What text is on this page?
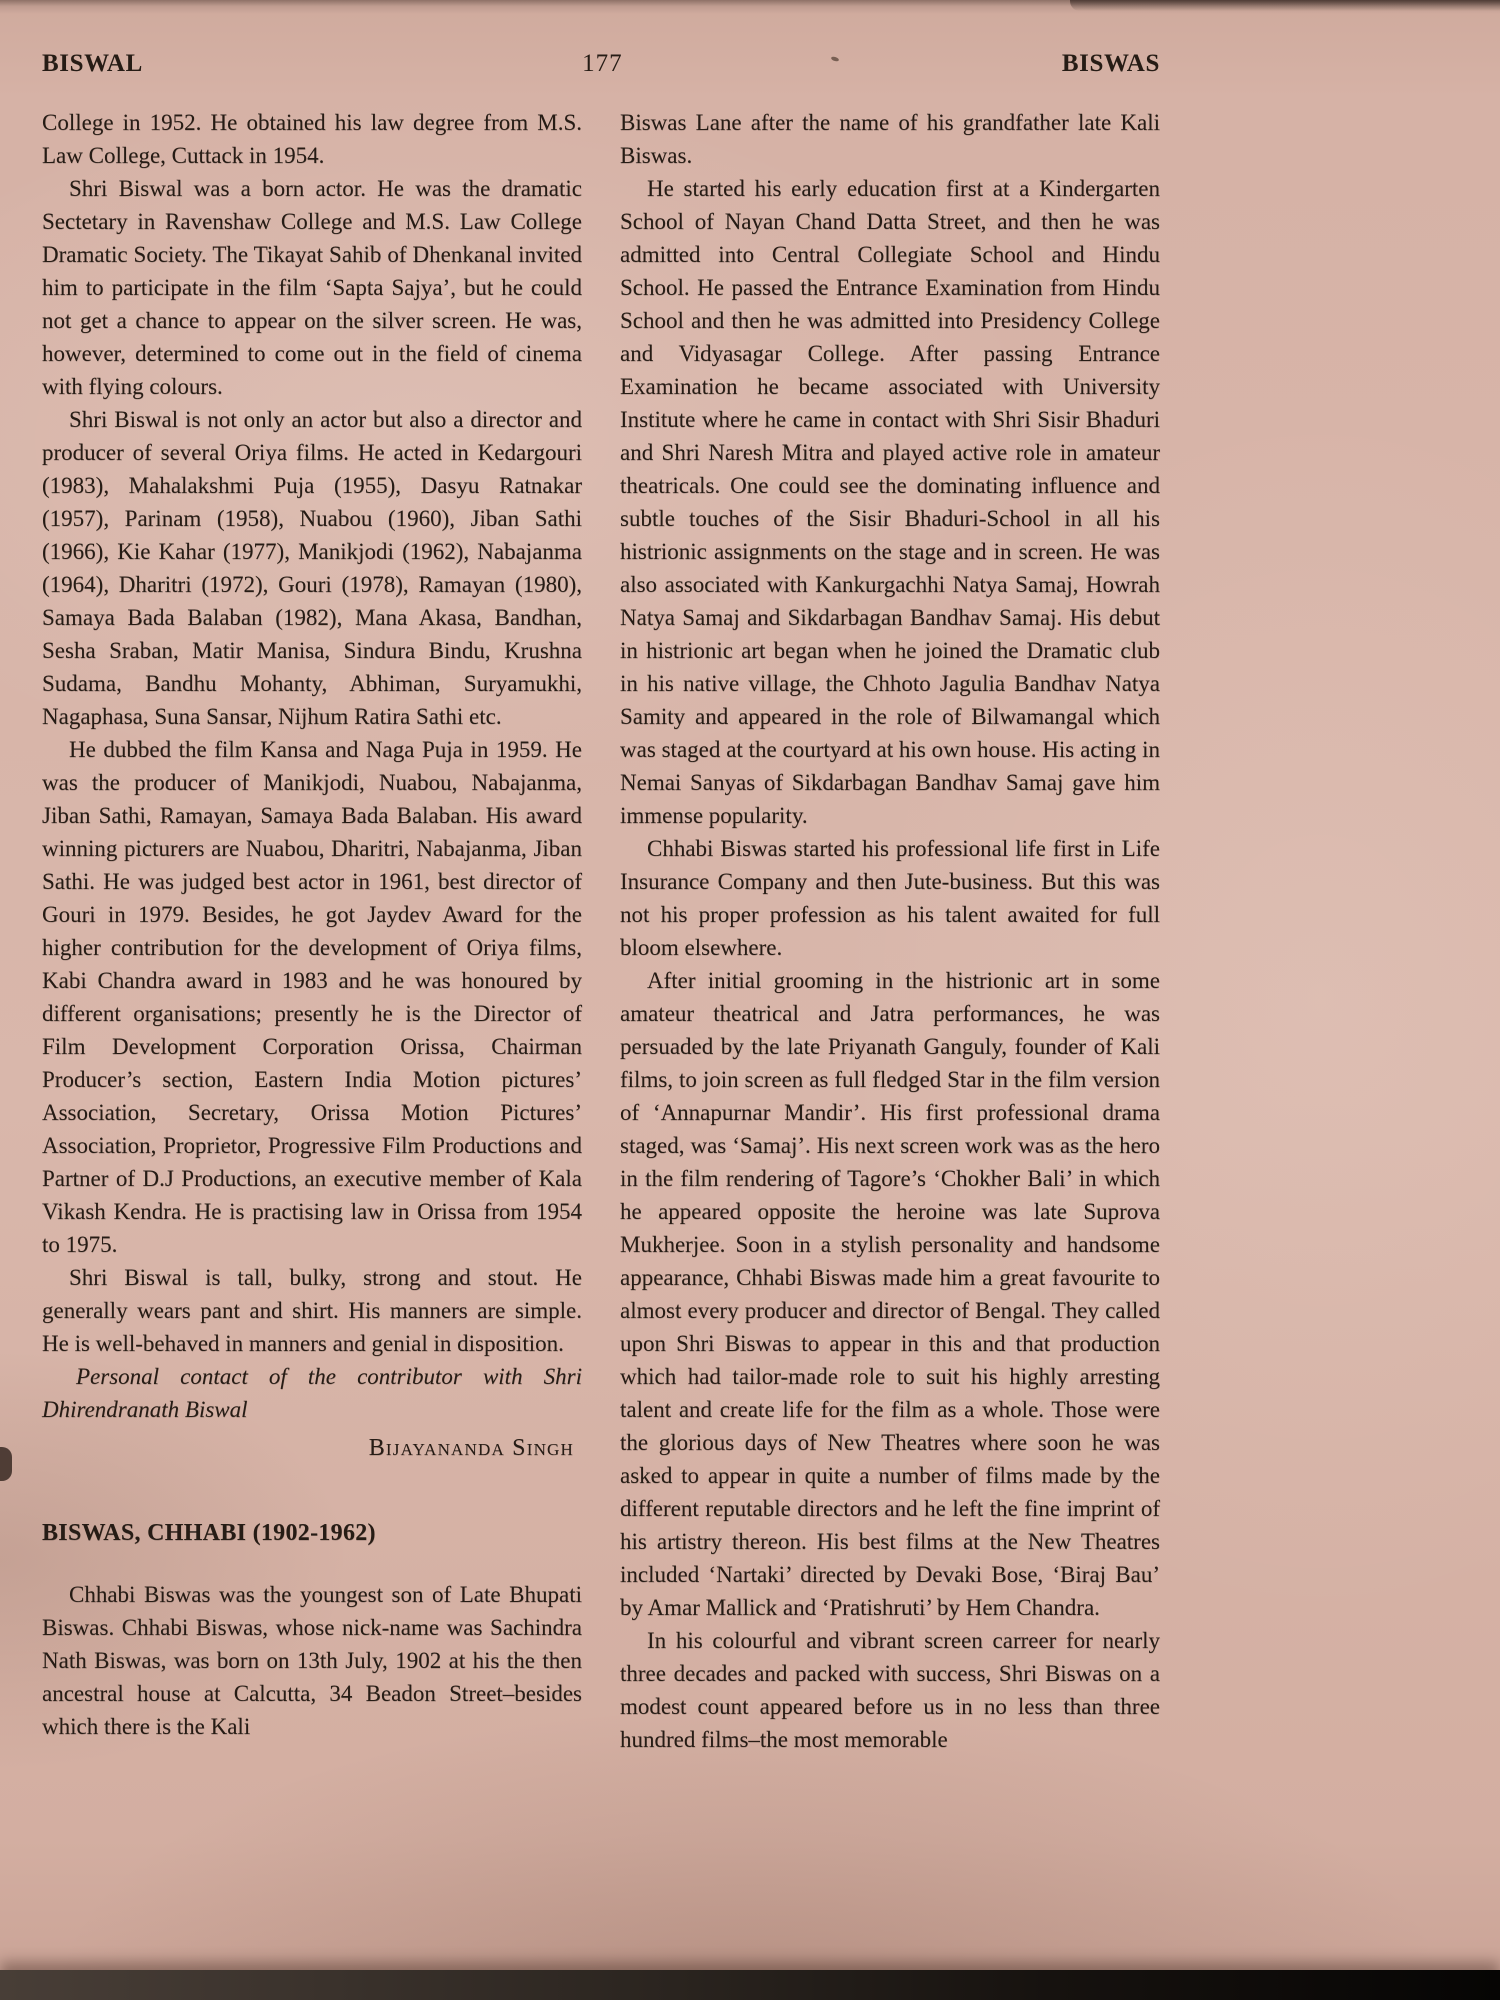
BISWAL	177	BISWAS

College in 1952. He obtained his law degree from M.S. Law College, Cuttack in 1954.

Shri Biswal was a born actor. He was the dramatic Sectetary in Ravenshaw College and M.S. Law College Dramatic Society. The Tikayat Sahib of Dhenkanal invited him to participate in the film ‘Sapta Sajya’, but he could not get a chance to appear on the silver screen. He was, however, determined to come out in the field of cinema with flying colours.

Shri Biswal is not only an actor but also a director and producer of several Oriya films. He acted in Kedargouri (1983), Mahalakshmi Puja (1955), Dasyu Ratnakar (1957), Parinam (1958), Nuabou (1960), Jiban Sathi (1966), Kie Kahar (1977), Manikjodi (1962), Nabajanma (1964), Dharitri (1972), Gouri (1978), Ramayan (1980), Samaya Bada Balaban (1982), Mana Akasa, Bandhan, Sesha Sraban, Matir Manisa, Sindura Bindu, Krushna Sudama, Bandhu Mohanty, Abhiman, Suryamukhi, Nagaphasa, Suna Sansar, Nijhum Ratira Sathi etc.

He dubbed the film Kansa and Naga Puja in 1959. He was the producer of Manikjodi, Nuabou, Nabajanma, Jiban Sathi, Ramayan, Samaya Bada Balaban. His award winning picturers are Nuabou, Dharitri, Nabajanma, Jiban Sathi. He was judged best actor in 1961, best director of Gouri in 1979. Besides, he got Jaydev Award for the higher contribution for the development of Oriya films, Kabi Chandra award in 1983 and he was honoured by different organisations; presently he is the Director of Film Development Corporation Orissa, Chairman Producer’s section, Eastern India Motion pictures’ Association, Secretary, Orissa Motion Pictures’ Association, Proprietor, Progressive Film Productions and Partner of D.J Productions, an executive member of Kala Vikash Kendra. He is practising law in Orissa from 1954 to 1975.

Shri Biswal is tall, bulky, strong and stout. He generally wears pant and shirt. His manners are simple. He is well-behaved in manners and genial in disposition.

Personal contact of the contributor with Shri Dhirendranath Biswal

Bijayananda Singh

BISWAS, CHHABI (1902-1962)

Chhabi Biswas was the youngest son of Late Bhupati Biswas. Chhabi Biswas, whose nick-name was Sachindra Nath Biswas, was born on 13th July, 1902 at his the then ancestral house at Calcutta, 34 Beadon Street–besides which there is the Kali

Biswas Lane after the name of his grandfather late Kali Biswas.

He started his early education first at a Kindergarten School of Nayan Chand Datta Street, and then he was admitted into Central Collegiate School and Hindu School. He passed the Entrance Examination from Hindu School and then he was admitted into Presidency College and Vidyasagar College. After passing Entrance Examination he became associated with University Institute where he came in contact with Shri Sisir Bhaduri and Shri Naresh Mitra and played active role in amateur theatricals. One could see the dominating influence and subtle touches of the Sisir Bhaduri-School in all his histrionic assignments on the stage and in screen. He was also associated with Kankurgachhi Natya Samaj, Howrah Natya Samaj and Sikdarbagan Bandhav Samaj. His debut in histrionic art began when he joined the Dramatic club in his native village, the Chhoto Jagulia Bandhav Natya Samity and appeared in the role of Bilwamangal which was staged at the courtyard at his own house. His acting in Nemai Sanyas of Sikdarbagan Bandhav Samaj gave him immense popularity.

Chhabi Biswas started his professional life first in Life Insurance Company and then Jute-business. But this was not his proper profession as his talent awaited for full bloom elsewhere.

After initial grooming in the histrionic art in some amateur theatrical and Jatra performances, he was persuaded by the late Priyanath Ganguly, founder of Kali films, to join screen as full fledged Star in the film version of ‘Annapurnar Mandir’. His first professional drama staged, was ‘Samaj’. His next screen work was as the hero in the film rendering of Tagore’s ‘Chokher Bali’ in which he appeared opposite the heroine was late Suprova Mukherjee. Soon in a stylish personality and handsome appearance, Chhabi Biswas made him a great favourite to almost every producer and director of Bengal. They called upon Shri Biswas to appear in this and that production which had tailor-made role to suit his highly arresting talent and create life for the film as a whole. Those were the glorious days of New Theatres where soon he was asked to appear in quite a number of films made by the different reputable directors and he left the fine imprint of his artistry thereon. His best films at the New Theatres included ‘Nartaki’ directed by Devaki Bose, ‘Biraj Bau’ by Amar Mallick and ‘Pratishruti’ by Hem Chandra.

In his colourful and vibrant screen carreer for nearly three decades and packed with success, Shri Biswas on a modest count appeared before us in no less than three hundred films–the most memorable
